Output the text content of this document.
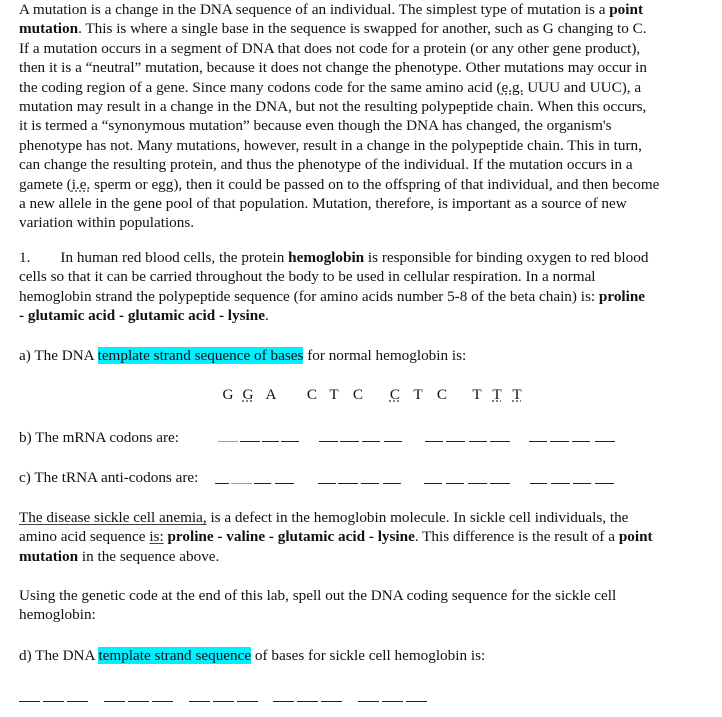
A mutation is a change in the DNA sequence of an individual. The simplest type of mutation is a point
mutation. This is where a single base in the sequence is swapped for another, such as G changing to C.
If a mutation occurs in a segment of DNA that does not code for a protein (or any other gene product),
then it is a “neutral” mutation, because it does not change the phenotype. Other mutations may occur in
the coding region of a gene. Since many codons code for the same amino acid (e.g. UUU and UUC), a
mutation may result in a change in the DNA, but not the resulting polypeptide chain. When this occurs,
it is termed a “synonymous mutation” because even though the DNA has changed, the organism's
phenotype has not. Many mutations, however, result in a change in the polypeptide chain. This in turn,
can change the resulting protein, and thus the phenotype of the individual. If the mutation occurs in a
gamete (i.e. sperm or egg), then it could be passed on to the offspring of that individual, and then become
a new allele in the gene pool of that population. Mutation, therefore, is important as a source of new
variation within populations.
1. In human red blood cells, the protein hemoglobin is responsible for binding oxygen to red blood
cells so that it can be carried throughout the body to be used in cellular respiration. In a normal
hemoglobin strand the polypeptide sequence (for amino acids number 5-8 of the beta chain) is: proline
- glutamic acid - glutamic acid - lysine.
a) The DNA template strand sequence of bases for normal hemoglobin is:
G G A C T C C T C T T T
b) The mRNA codons are:
c) The tRNA anti-codons are:
The disease sickle cell anemia, is a defect in the hemoglobin molecule. In sickle cell individuals, the
amino acid sequence is: proline - valine - glutamic acid - lysine. This difference is the result of a point
mutation in the sequence above.
Using the genetic code at the end of this lab, spell out the DNA coding sequence for the sickle cell
hemoglobin:
d) The DNA template strand sequence of bases for sickle cell hemoglobin is:
